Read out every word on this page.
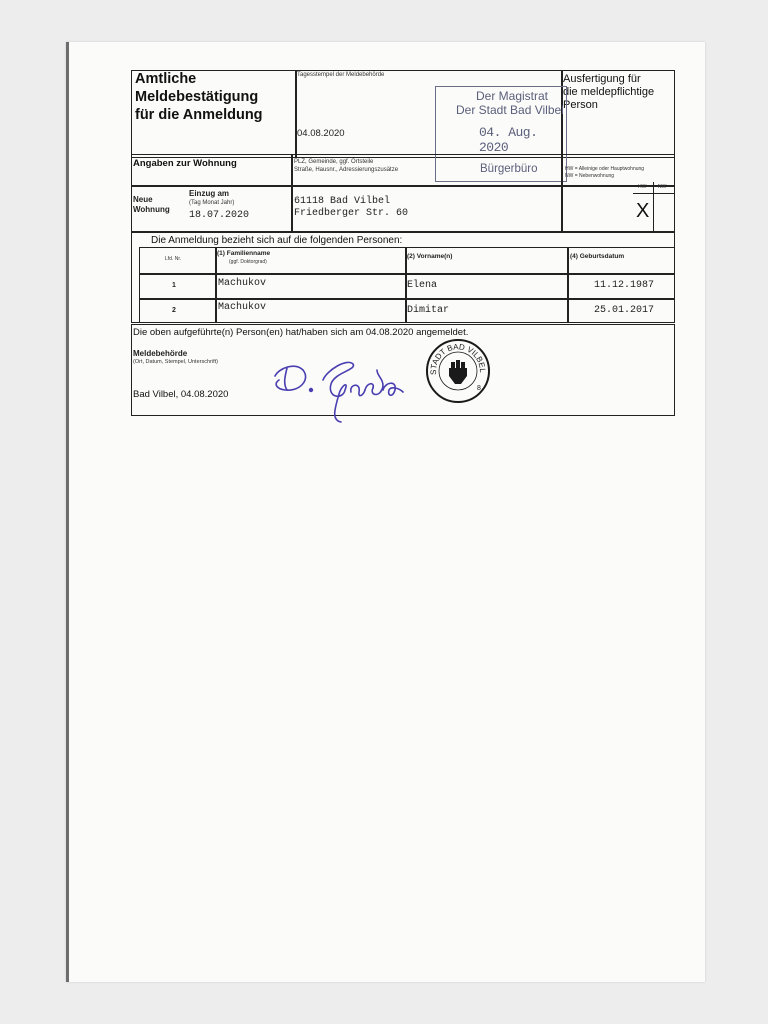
Amtliche
Meldebestätigung
für die Anmeldung
Tagesstempel der Meldebehörde
04.08.2020
Ausfertigung für
die meldepflichtige
Person
Der Magistrat
Der Stadt Bad Vilbel
04. Aug. 2020
Bürgerbüro
Angaben zur Wohnung	PLZ, Gemeinde, ggf. Ortsteile
Straße, Hausnr., Adressierungszusätze	HW = Alleinige oder Hauptwohnung
NW = Nebenwohnung
HW NW
Neue
Wohnung
Einzug am
(Tag Monat Jahr)
18.07.2020
61118 Bad Vilbel
Friedberger Str. 60	X
Die Anmeldung bezieht sich auf die folgenden Personen:
Lfd. Nr.
(1) Familienname
(ggf. Doktorgrad)
(2) Vorname(n)	(4) Geburtsdatum
1	Machukov	Elena	11.12.1987
2	Machukov	Dimitar	25.01.2017
Die oben aufgeführte(n) Person(en) hat/haben sich am 04.08.2020 angemeldet.
Meldebehörde
(Ort, Datum, Stempel, Unterschrift)
Bad Vilbel, 04.08.2020
STADT BAD VILBEL
8
